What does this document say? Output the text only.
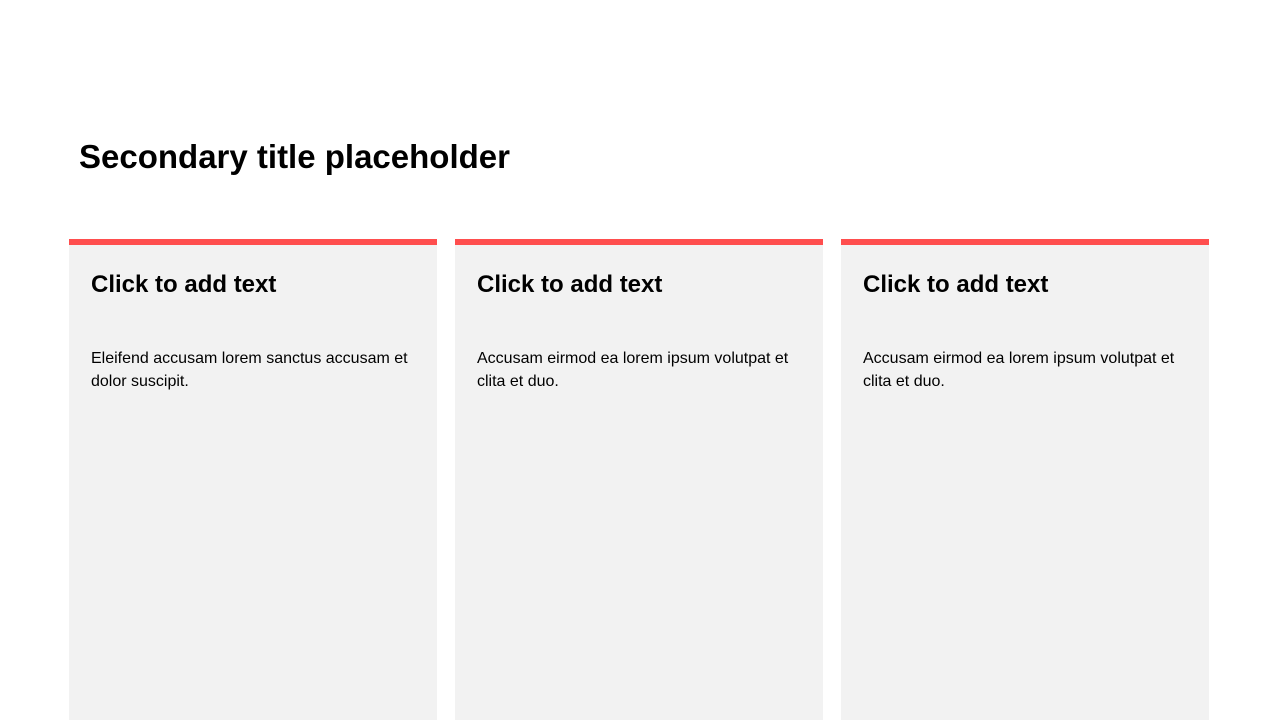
Secondary title placeholder
Click to add text

Eleifend accusam lorem sanctus accusam et dolor suscipit.

Click to add text

Accusam eirmod ea lorem ipsum volutpat et clita et duo.

Click to add text

Accusam eirmod ea lorem ipsum volutpat et clita et duo.
